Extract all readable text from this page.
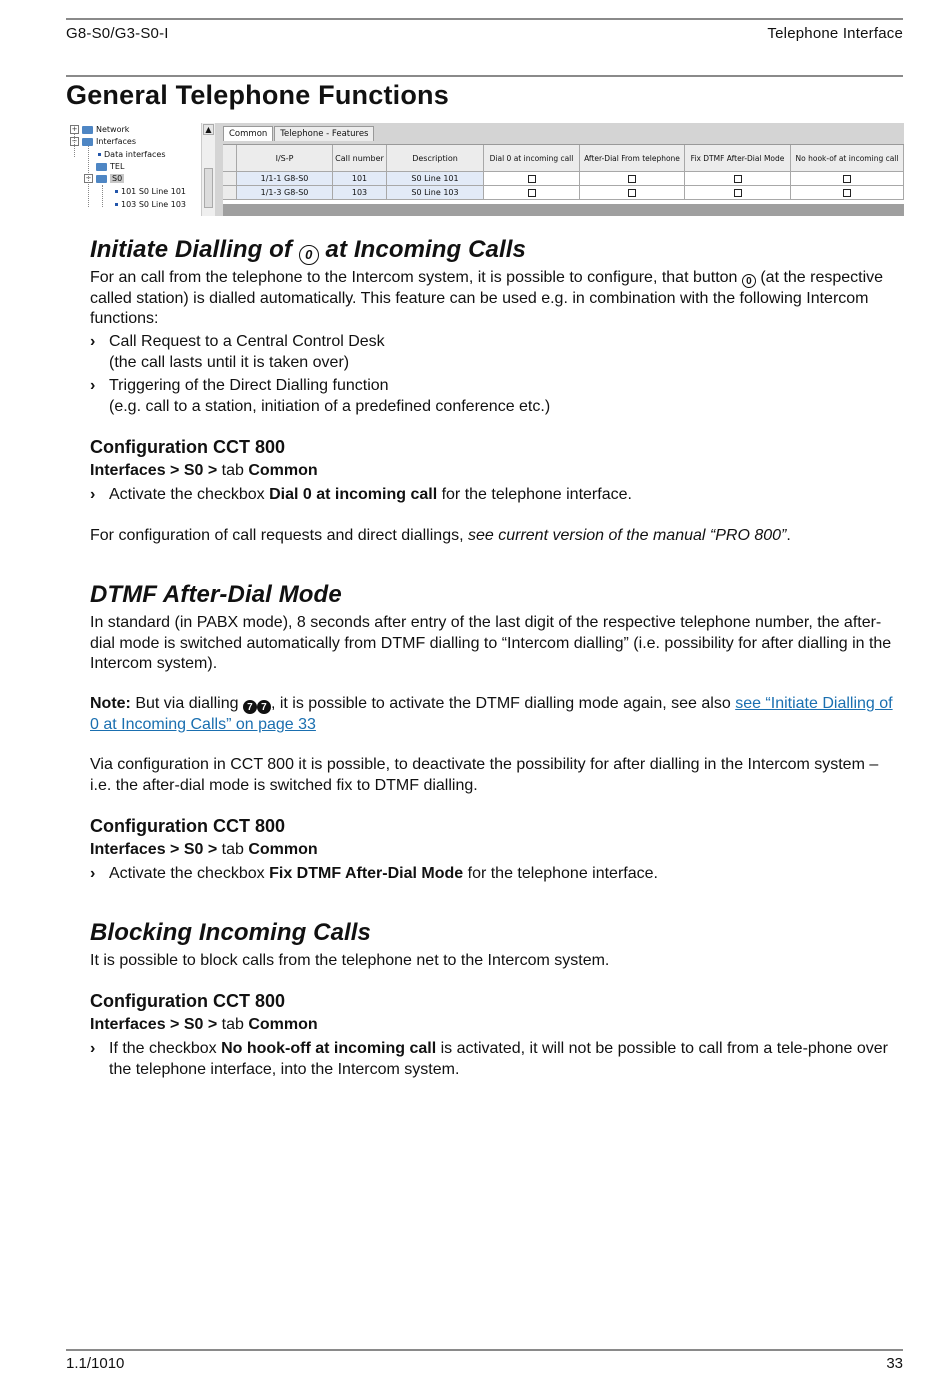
G8-S0/G3-S0-I	Telephone Interface
General Telephone Functions
+ Network
− Interfaces
Data interfaces
TEL
−	S0
101 S0 Line 101
103 S0 Line 103
▲	Common	Telephone - Features
I/S-P	Call number	Description	Dial 0 at incoming call	After-Dial From telephone	Fix DTMF After-Dial Mode	No hook-of at incoming call
1/1-1 G8-S0	101	S0 Line 101
1/1-3 G8-S0	103	S0 Line 103
Initiate Dialling of 0 at Incoming Calls

For an call from the telephone to the Intercom system, it is possible to configure, that button 0 (at the respective called station) is dialled automatically. This feature can be used e.g. in combination with the following Intercom functions:

› Call Request to a Central Control Desk
(the call lasts until it is taken over)
› Triggering of the Direct Dialling function
(e.g. call to a station, initiation of a predefined conference etc.)
Configuration CCT 800
Interfaces > S0 > tab Common
› Activate the checkbox Dial 0 at incoming call for the telephone interface.

For configuration of call requests and direct diallings, see current version of the manual “PRO 800”.

DTMF After-Dial Mode

In standard (in PABX mode), 8 seconds after entry of the last digit of the respective telephone number, the after-dial mode is switched automatically from DTMF dialling to “Intercom dialling” (i.e. possibility for after dialling in the Intercom system).

Note: But via dialling 7 7 , it is possible to activate the DTMF dialling mode again, see also see “Initiate Dialling of 0 at Incoming Calls” on page 33

Via configuration in CCT 800 it is possible, to deactivate the possibility for after dialling in the Intercom system – i.e. the after-dial mode is switched fix to DTMF dialling.

Configuration CCT 800
Interfaces > S0 > tab Common
› Activate the checkbox Fix DTMF After-Dial Mode for the telephone interface.
Blocking Incoming Calls

It is possible to block calls from the telephone net to the Intercom system.

Configuration CCT 800
Interfaces > S0 > tab Common
› If the checkbox No hook-off at incoming call is activated, it will not be possible to call from a tele-phone over the telephone interface, into the Intercom system.
1.1/1010	33
